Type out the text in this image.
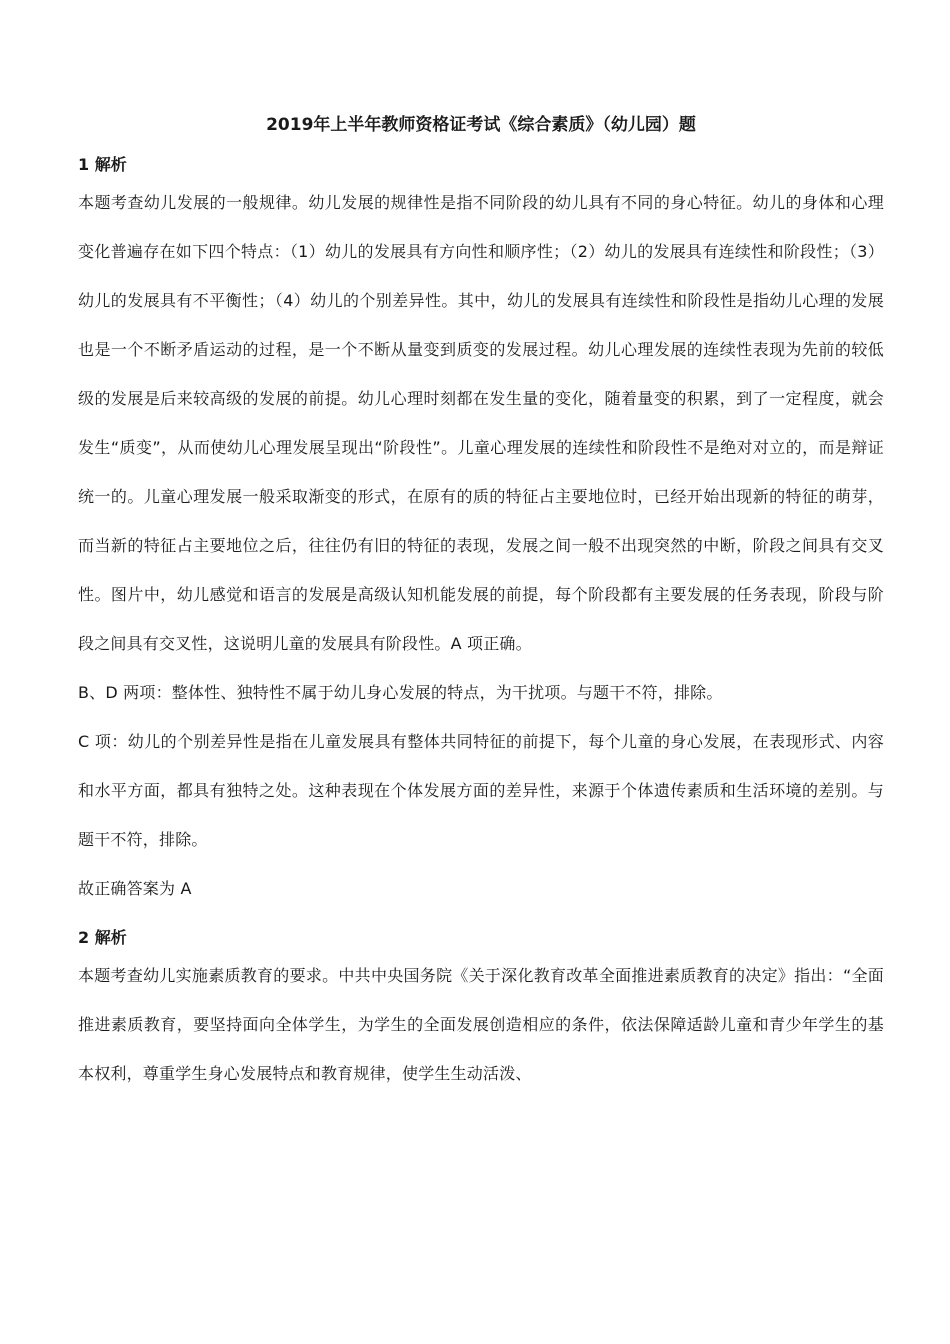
2019年上半年教师资格证考试《综合素质》（幼儿园）题
1 解析

本题考查幼儿发展的一般规律。幼儿发展的规律性是指不同阶段的幼儿具有不同的身心特征。幼儿的身体和心理变化普遍存在如下四个特点：（1）幼儿的发展具有方向性和顺序性；（2）幼儿的发展具有连续性和阶段性；（3）幼儿的发展具有不平衡性；（4）幼儿的个别差异性。其中，幼儿的发展具有连续性和阶段性是指幼儿心理的发展也是一个不断矛盾运动的过程，是一个不断从量变到质变的发展过程。幼儿心理发展的连续性表现为先前的较低级的发展是后来较高级的发展的前提。幼儿心理时刻都在发生量的变化，随着量变的积累，到了一定程度，就会发生“质变”，从而使幼儿心理发展呈现出“阶段性”。儿童心理发展的连续性和阶段性不是绝对对立的，而是辩证统一的。儿童心理发展一般采取渐变的形式，在原有的质的特征占主要地位时，已经开始出现新的特征的萌芽，而当新的特征占主要地位之后，往往仍有旧的特征的表现，发展之间一般不出现突然的中断，阶段之间具有交叉性。图片中，幼儿感觉和语言的发展是高级认知机能发展的前提，每个阶段都有主要发展的任务表现，阶段与阶段之间具有交叉性，这说明儿童的发展具有阶段性。A 项正确。

B、D 两项：整体性、独特性不属于幼儿身心发展的特点，为干扰项。与题干不符，排除。

C 项：幼儿的个别差异性是指在儿童发展具有整体共同特征的前提下，每个儿童的身心发展，在表现形式、内容和水平方面，都具有独特之处。这种表现在个体发展方面的差异性，来源于个体遗传素质和生活环境的差别。与题干不符，排除。

故正确答案为 A

2 解析

本题考查幼儿实施素质教育的要求。中共中央国务院《关于深化教育改革全面推进素质教育的决定》指出：“全面推进素质教育，要坚持面向全体学生，为学生的全面发展创造相应的条件，依法保障适龄儿童和青少年学生的基本权利，尊重学生身心发展特点和教育规律，使学生生动活泼、
